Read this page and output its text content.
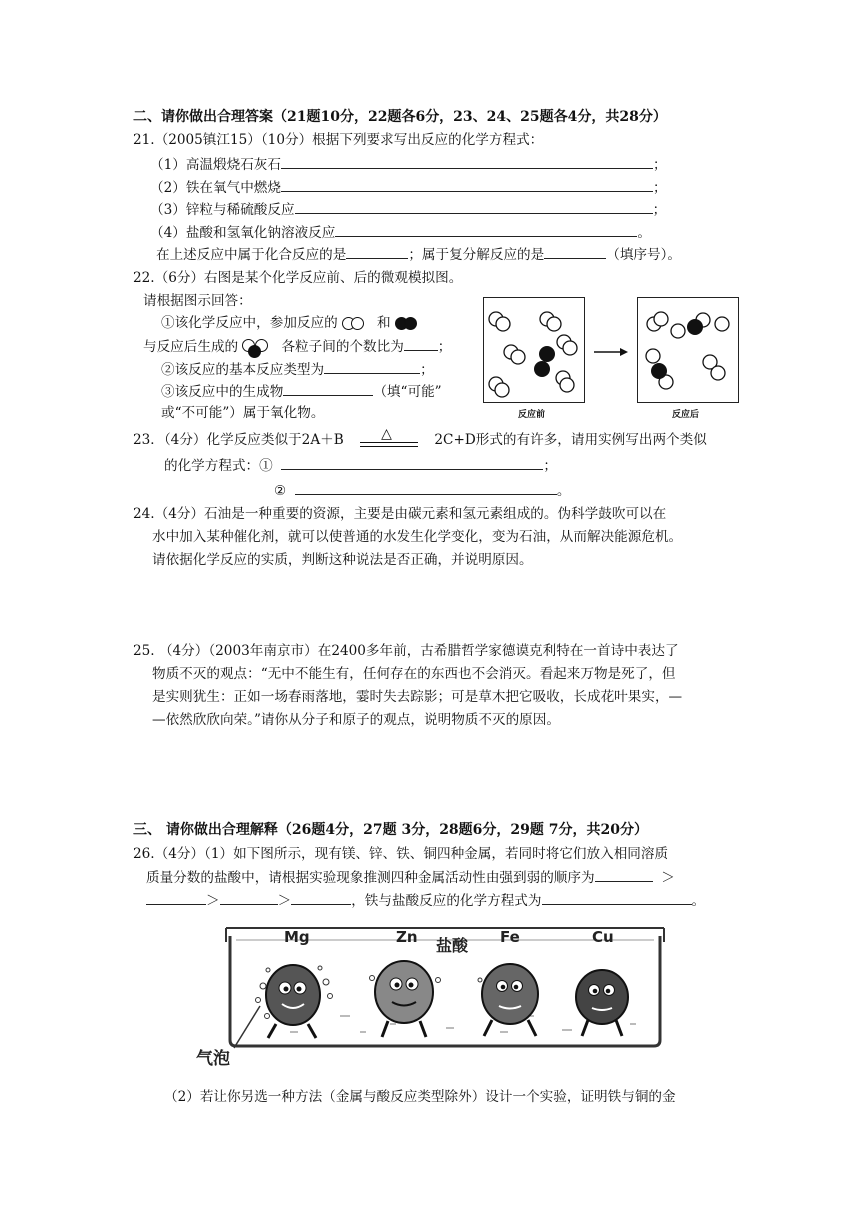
二、请你做出合理答案（21题10分，22题各6分，23、24、25题各4分，共28分）
21.（2005镇江15）（10分）根据下列要求写出反应的化学方程式：
（1）高温煅烧石灰石	；
（2）铁在氧气中燃烧	；
（3）锌粒与稀硫酸反应	；
（4）盐酸和氢氧化钠溶液反应	。
在上述反应中属于化合反应的是	；属于复分解反应的是	（填序号）。
22.（6分）右图是某个化学反应前、后的微观模拟图。
请根据图示回答：
①该化学反应中，参加反应的	和
与反应后生成的	各粒子间的个数比为	；
②该反应的基本反应类型为	；
③该反应中的生成物	（填“可能”
或“不可能”）属于氧化物。	反应前	反应后
23．（4分）化学反应类似于2A＋B	△	2C+D形式的有许多，请用实例写出两个类似
的化学方程式：①	；
②	。
24.（4分）石油是一种重要的资源，主要是由碳元素和氢元素组成的。伪科学鼓吹可以在
水中加入某种催化剂，就可以使普通的水发生化学变化，变为石油，从而解决能源危机。
请依据化学反应的实质，判断这种说法是否正确，并说明原因。
25. （4分）（2003年南京市）在2400多年前，古希腊哲学家德谟克利特在一首诗中表达了
物质不灭的观点：“无中不能生有，任何存在的东西也不会消灭。看起来万物是死了，但
是实则犹生：正如一场春雨落地，霎时失去踪影；可是草木把它吸收，长成花叶果实，—
—依然欣欣向荣。”请你从分子和原子的观点，说明物质不灭的原因。
三、 请你做出合理解释（26题4分，27题 3分，28题6分，29题 7分，共20分）
26.（4分）（1）如下图所示，现有镁、锌、铁、铜四种金属，若同时将它们放入相同溶质
质量分数的盐酸中，请根据实验现象推测四种金属活动性由强到弱的顺序为	＞
＞	＞	，铁与盐酸反应的化学方程式为	。
Mg	Zn 盐酸 Fe	Cu
气泡
（2）若让你另选一种方法（金属与酸反应类型除外）设计一个实验，证明铁与铜的金
